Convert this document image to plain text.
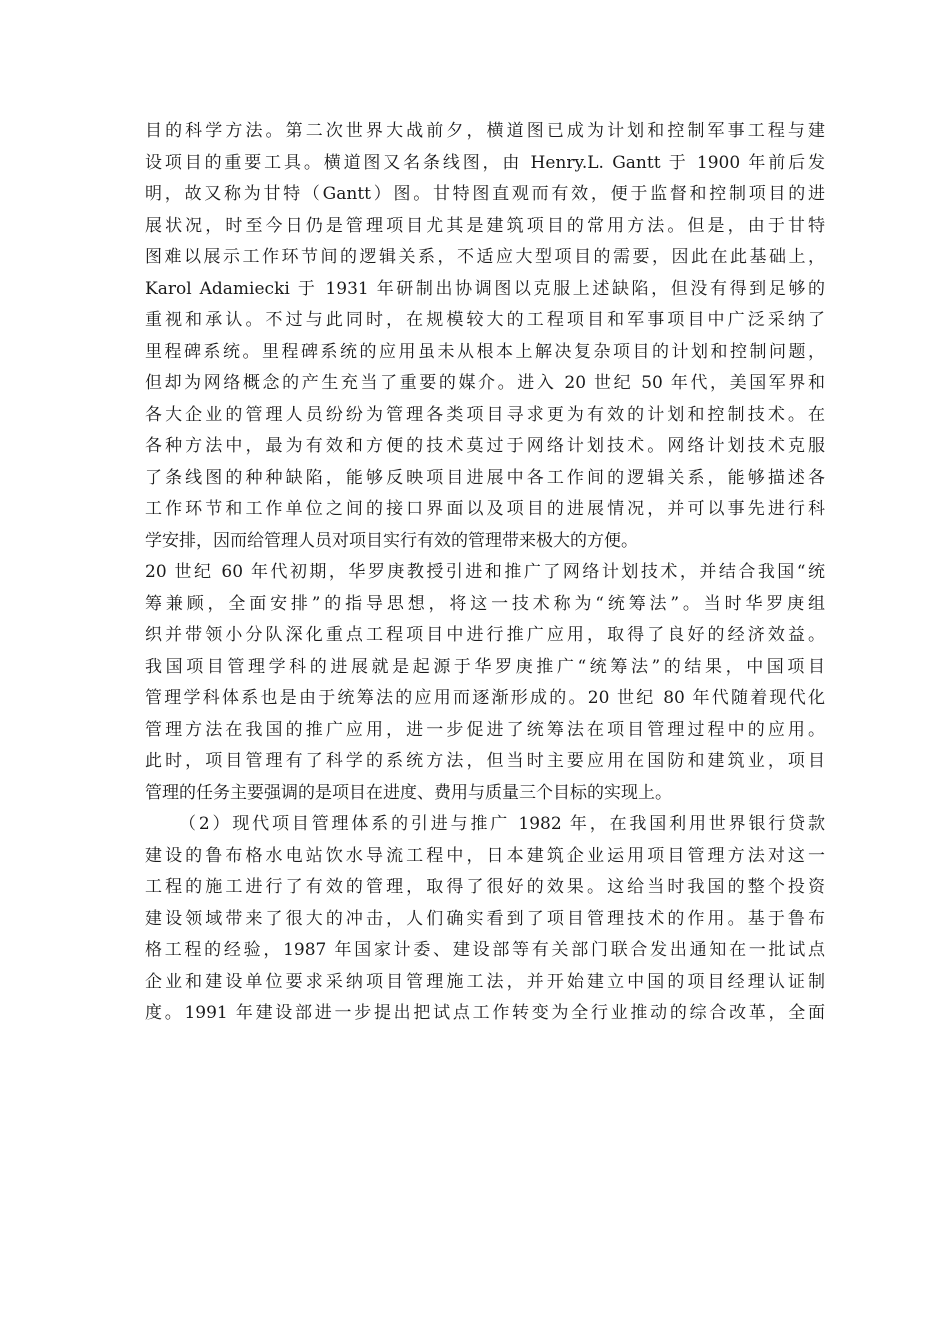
目的科学方法。第二次世界大战前夕，横道图已成为计划和控制军事工程与建
设项目的重要工具。横道图又名条线图，由 Henry.L. Gantt 于 1900 年前后发
明，故又称为甘特（Gantt）图。甘特图直观而有效，便于监督和控制项目的进
展状况，时至今日仍是管理项目尤其是建筑项目的常用方法。但是，由于甘特
图难以展示工作环节间的逻辑关系，不适应大型项目的需要，因此在此基础上，
Karol Adamiecki 于 1931 年研制出协调图以克服上述缺陷，但没有得到足够的
重视和承认。不过与此同时，在规模较大的工程项目和军事项目中广泛采纳了
里程碑系统。里程碑系统的应用虽未从根本上解决复杂项目的计划和控制问题，
但却为网络概念的产生充当了重要的媒介。进入 20 世纪 50 年代，美国军界和
各大企业的管理人员纷纷为管理各类项目寻求更为有效的计划和控制技术。在
各种方法中，最为有效和方便的技术莫过于网络计划技术。网络计划技术克服
了条线图的种种缺陷，能够反映项目进展中各工作间的逻辑关系，能够描述各
工作环节和工作单位之间的接口界面以及项目的进展情况，并可以事先进行科
学安排，因而给管理人员对项目实行有效的管理带来极大的方便。
20 世纪 60 年代初期，华罗庚教授引进和推广了网络计划技术，并结合我国“统
筹兼顾，全面安排”的指导思想，将这一技术称为“统筹法”。当时华罗庚组
织并带领小分队深化重点工程项目中进行推广应用，取得了良好的经济效益。
我国项目管理学科的进展就是起源于华罗庚推广“统筹法”的结果，中国项目
管理学科体系也是由于统筹法的应用而逐渐形成的。20 世纪 80 年代随着现代化
管理方法在我国的推广应用，进一步促进了统筹法在项目管理过程中的应用。
此时，项目管理有了科学的系统方法，但当时主要应用在国防和建筑业，项目
管理的任务主要强调的是项目在进度、费用与质量三个目标的实现上。
（2）现代项目管理体系的引进与推广 1982 年，在我国利用世界银行贷款
建设的鲁布格水电站饮水导流工程中，日本建筑企业运用项目管理方法对这一
工程的施工进行了有效的管理，取得了很好的效果。这给当时我国的整个投资
建设领域带来了很大的冲击，人们确实看到了项目管理技术的作用。基于鲁布
格工程的经验，1987 年国家计委、建设部等有关部门联合发出通知在一批试点
企业和建设单位要求采纳项目管理施工法，并开始建立中国的项目经理认证制
度。1991 年建设部进一步提出把试点工作转变为全行业推动的综合改革，全面
